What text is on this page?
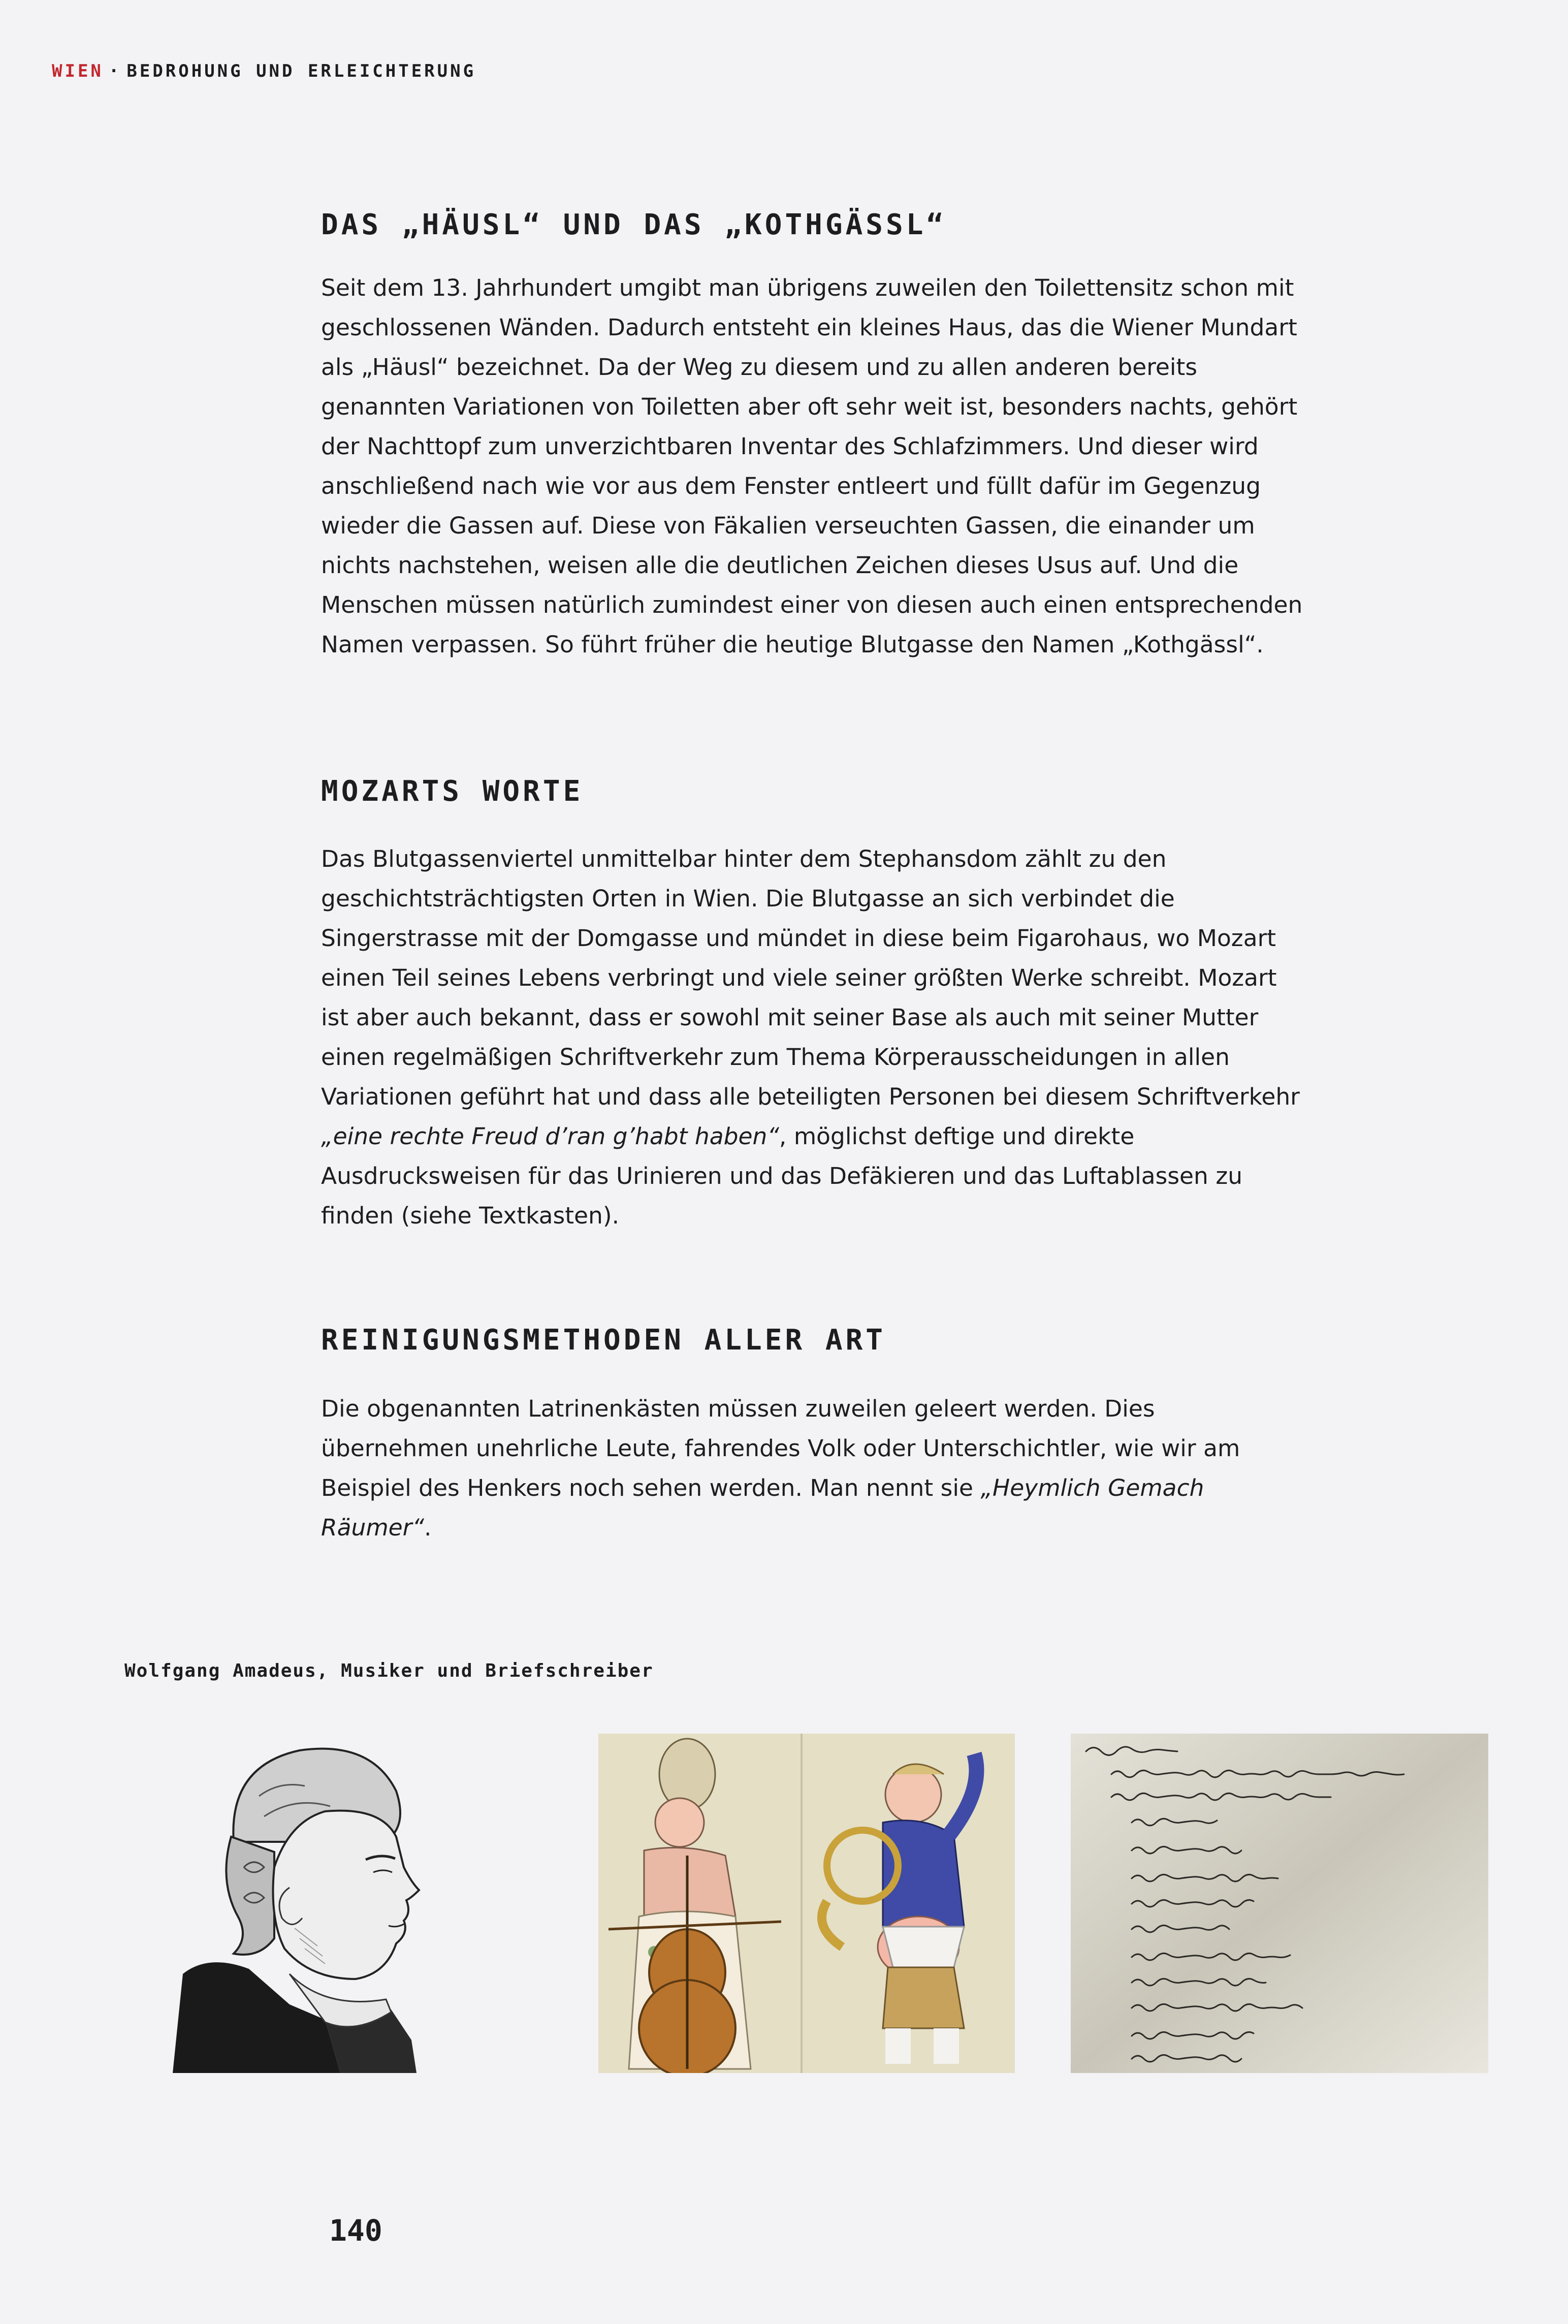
WIEN · BEDROHUNG UND ERLEICHTERUNG
DAS „HÄUSL“ UND DAS „KOTHGÄSSL“

Seit dem 13. Jahrhundert umgibt man übrigens zuweilen den Toilettensitz schon mit geschlossenen Wänden. Dadurch entsteht ein kleines Haus, das die Wiener Mundart als „Häusl“ bezeichnet. Da der Weg zu diesem und zu allen anderen bereits genannten Variationen von Toiletten aber oft sehr weit ist, besonders nachts, gehört der Nachttopf zum unverzichtbaren Inventar des Schlafzimmers. Und dieser wird anschließend nach wie vor aus dem Fenster entleert und füllt dafür im Gegenzug wieder die Gassen auf. Diese von Fäkalien verseuchten Gassen, die einander um nichts nachstehen, weisen alle die deutlichen Zeichen dieses Usus auf. Und die Menschen müssen natürlich zumindest einer von diesen auch einen entsprechenden Namen verpassen. So führt früher die heutige Blutgasse den Namen „Kothgässl“.

MOZARTS WORTE

Das Blutgassenviertel unmittelbar hinter dem Stephansdom zählt zu den geschichtsträchtigsten Orten in Wien. Die Blutgasse an sich verbindet die Singerstrasse mit der Domgasse und mündet in diese beim Figarohaus, wo Mozart einen Teil seines Lebens verbringt und viele seiner größten Werke schreibt. Mozart ist aber auch bekannt, dass er sowohl mit seiner Base als auch mit seiner Mutter einen regelmäßigen Schriftverkehr zum Thema Körperausscheidungen in allen Variationen geführt hat und dass alle beteiligten Personen bei diesem Schriftverkehr „eine rechte Freud d’ran g’habt haben“, möglichst deftige und direkte Ausdrucksweisen für das Urinieren und das Defäkieren und das Luftablassen zu finden (siehe Textkasten).

REINIGUNGSMETHODEN ALLER ART

Die obgenannten Latrinenkästen müssen zuweilen geleert werden. Dies übernehmen unehrliche Leute, fahrendes Volk oder Unterschichtler, wie wir am Beispiel des Henkers noch sehen werden. Man nennt sie „Heymlich Gemach Räumer“.

Wolfgang Amadeus, Musiker und Briefschreiber
140
